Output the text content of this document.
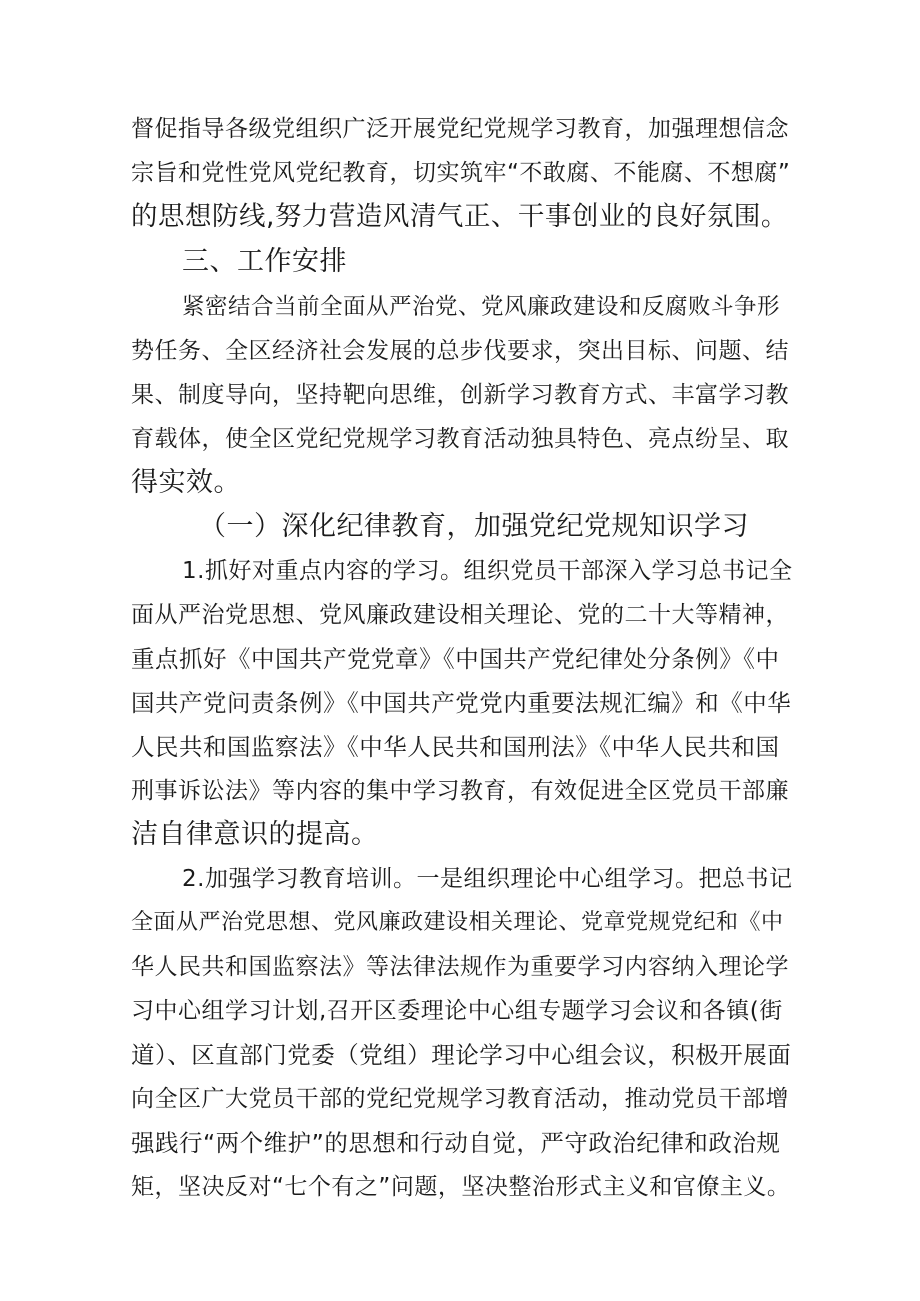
督促指导各级党组织广泛开展党纪党规学习教育，加强理想信念
宗旨和党性党风党纪教育，切实筑牢“不敢腐、不能腐、不想腐”
的思想防线,努力营造风清气正、干事创业的良好氛围。
三、工作安排
紧密结合当前全面从严治党、党风廉政建设和反腐败斗争形
势任务、全区经济社会发展的总步伐要求，突出目标、问题、结
果、制度导向，坚持靶向思维，创新学习教育方式、丰富学习教
育载体，使全区党纪党规学习教育活动独具特色、亮点纷呈、取
得实效。
（一）深化纪律教育，加强党纪党规知识学习
1.抓好对重点内容的学习。组织党员干部深入学习总书记全
面从严治党思想、党风廉政建设相关理论、党的二十大等精神，
重点抓好《中国共产党党章》《中国共产党纪律处分条例》《中
国共产党问责条例》《中国共产党党内重要法规汇编》和《中华
人民共和国监察法》《中华人民共和国刑法》《中华人民共和国
刑事诉讼法》等内容的集中学习教育，有效促进全区党员干部廉
洁自律意识的提高。
2.加强学习教育培训。一是组织理论中心组学习。把总书记
全面从严治党思想、党风廉政建设相关理论、党章党规党纪和《中
华人民共和国监察法》等法律法规作为重要学习内容纳入理论学
习中心组学习计划,召开区委理论中心组专题学习会议和各镇(街
道）、区直部门党委（党组）理论学习中心组会议，积极开展面
向全区广大党员干部的党纪党规学习教育活动，推动党员干部增
强践行“两个维护”的思想和行动自觉，严守政治纪律和政治规
矩，坚决反对“七个有之”问题，坚决整治形式主义和官僚主义。
